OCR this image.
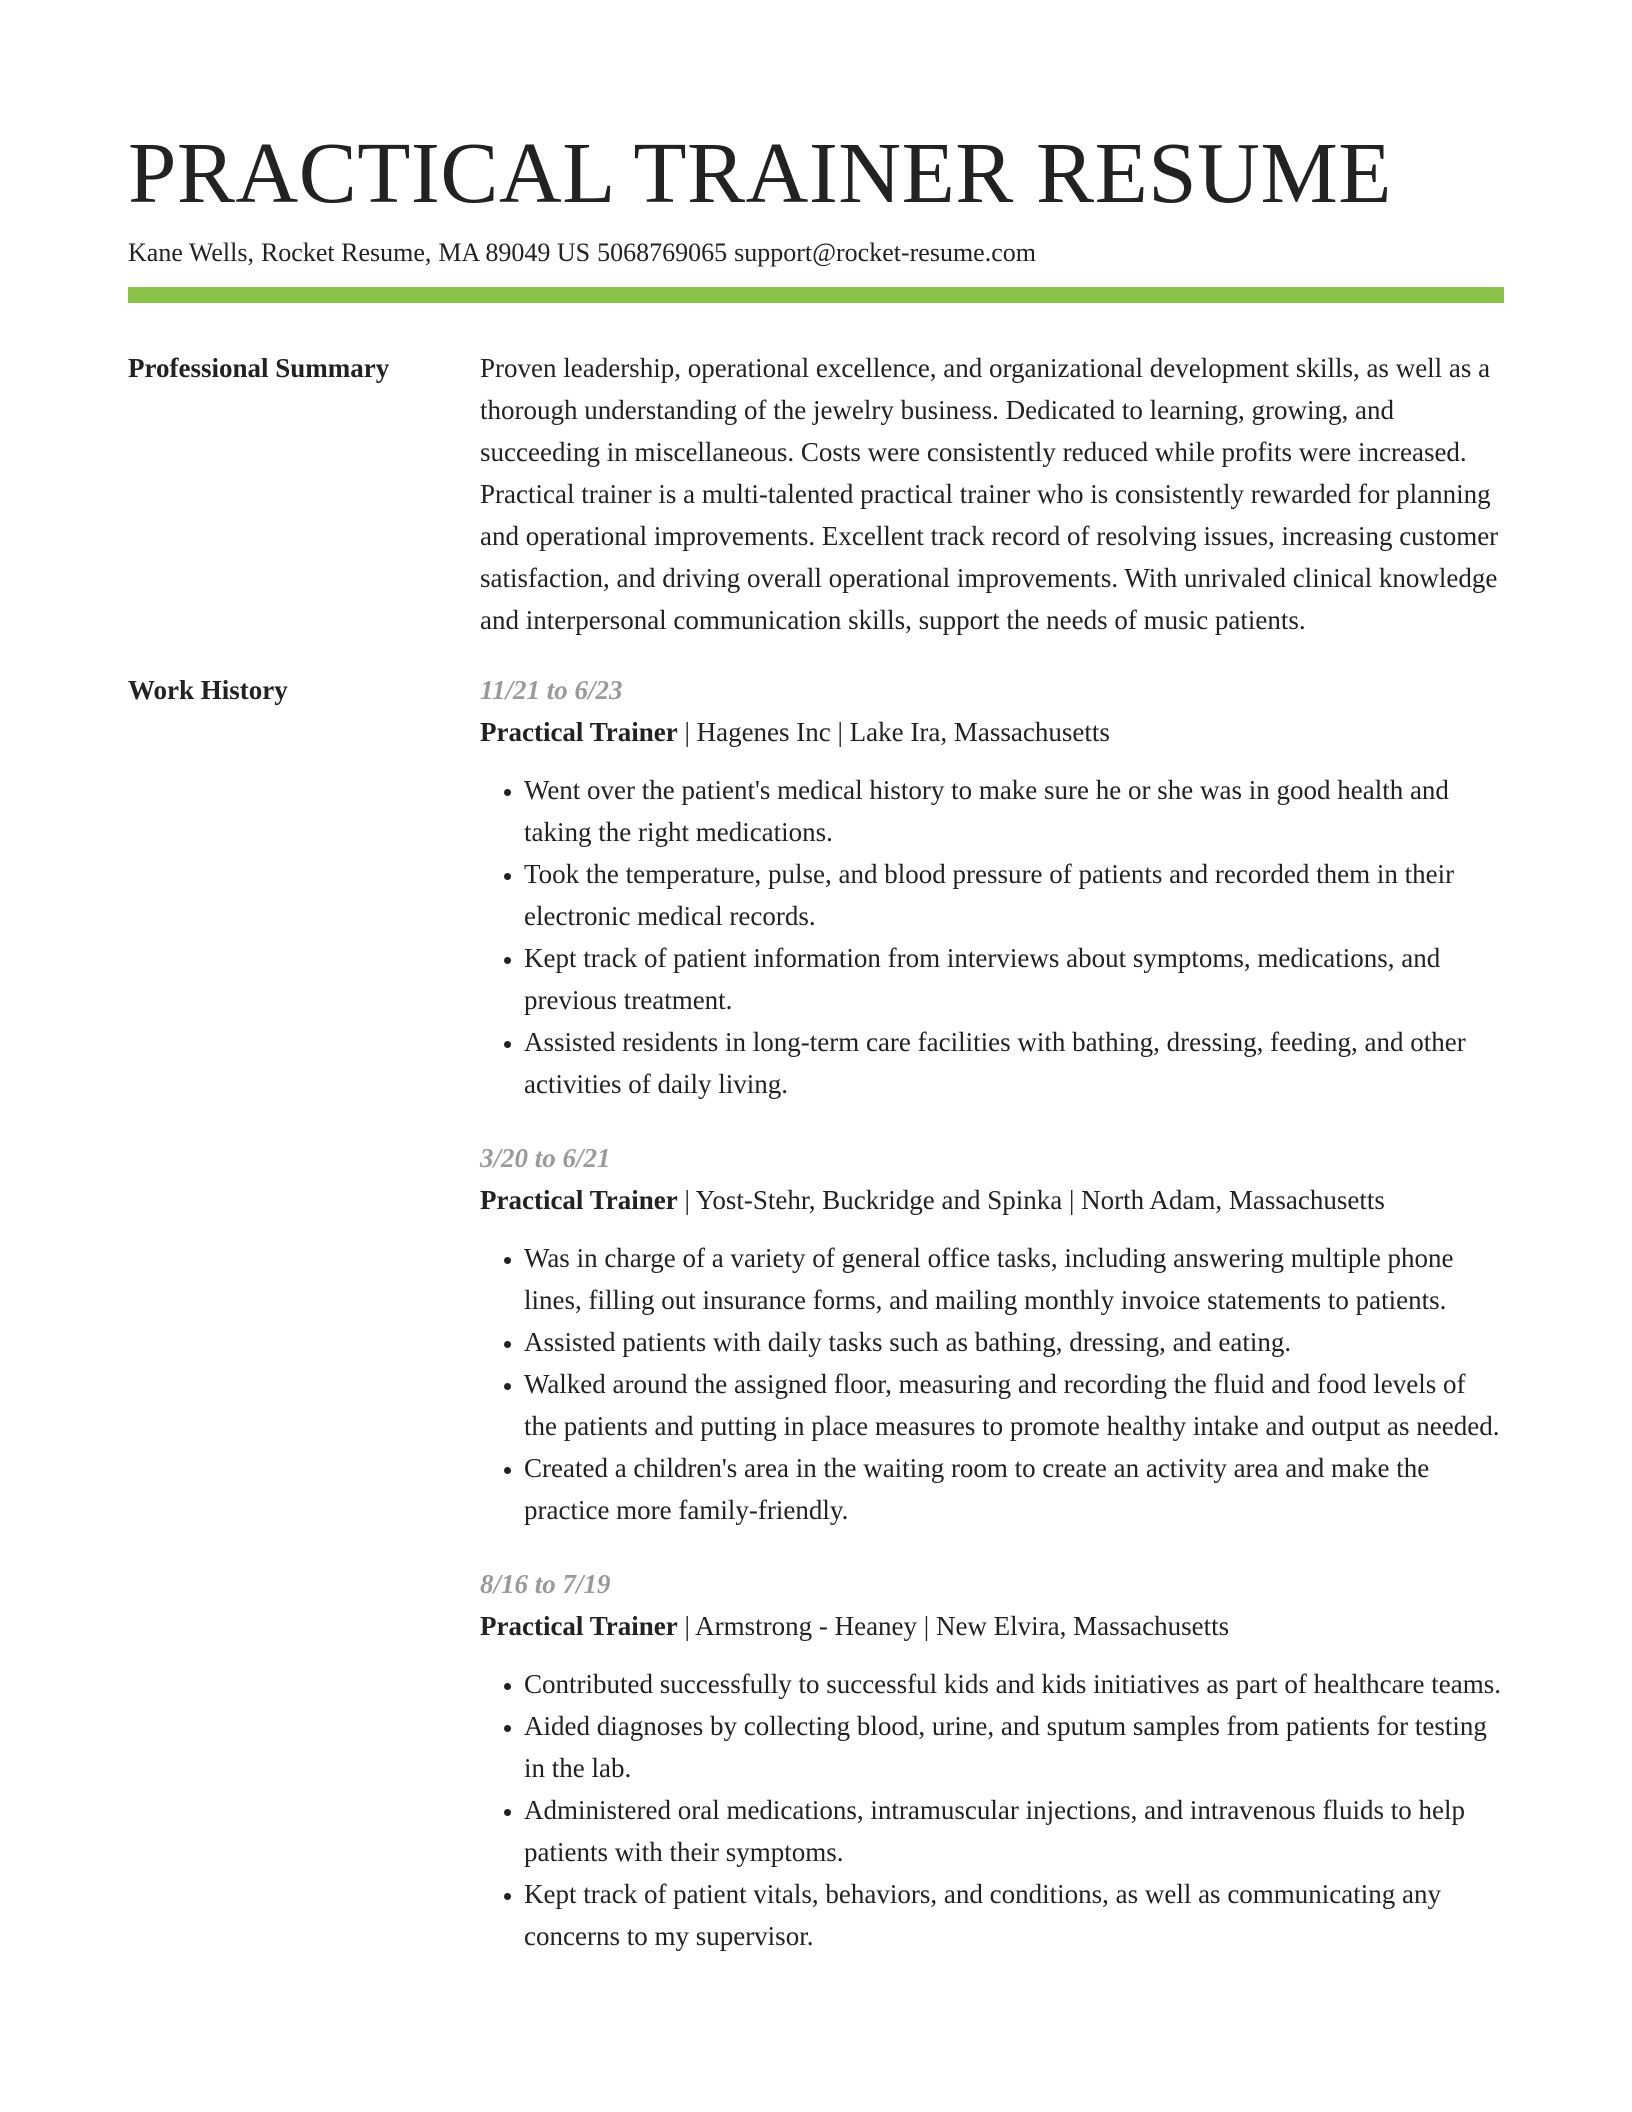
PRACTICAL TRAINER RESUME
Kane Wells, Rocket Resume, MA 89049 US 5068769065 support@rocket-resume.com
Professional Summary	Proven leadership, operational excellence, and organizational development skills, as well as a thorough understanding of the jewelry business. Dedicated to learning, growing, and succeeding in miscellaneous. Costs were consistently reduced while profits were increased. Practical trainer is a multi-talented practical trainer who is consistently rewarded for planning and operational improvements. Excellent track record of resolving issues, increasing customer satisfaction, and driving overall operational improvements. With unrivaled clinical knowledge and interpersonal communication skills, support the needs of music patients.

Work History	11/21 to 6/23
Practical Trainer | Hagenes Inc | Lake Ira, Massachusetts
• Went over the patient's medical history to make sure he or she was in good health and taking the right medications.
• Took the temperature, pulse, and blood pressure of patients and recorded them in their electronic medical records.
• Kept track of patient information from interviews about symptoms, medications, and previous treatment.
• Assisted residents in long-term care facilities with bathing, dressing, feeding, and other activities of daily living.
3/20 to 6/21
Practical Trainer | Yost-Stehr, Buckridge and Spinka | North Adam, Massachusetts
• Was in charge of a variety of general office tasks, including answering multiple phone lines, filling out insurance forms, and mailing monthly invoice statements to patients.
• Assisted patients with daily tasks such as bathing, dressing, and eating.
• Walked around the assigned floor, measuring and recording the fluid and food levels of the patients and putting in place measures to promote healthy intake and output as needed.
• Created a children's area in the waiting room to create an activity area and make the practice more family-friendly.
8/16 to 7/19
Practical Trainer | Armstrong - Heaney | New Elvira, Massachusetts
• Contributed successfully to successful kids and kids initiatives as part of healthcare teams.
• Aided diagnoses by collecting blood, urine, and sputum samples from patients for testing in the lab.
• Administered oral medications, intramuscular injections, and intravenous fluids to help patients with their symptoms.
• Kept track of patient vitals, behaviors, and conditions, as well as communicating any concerns to my supervisor.
